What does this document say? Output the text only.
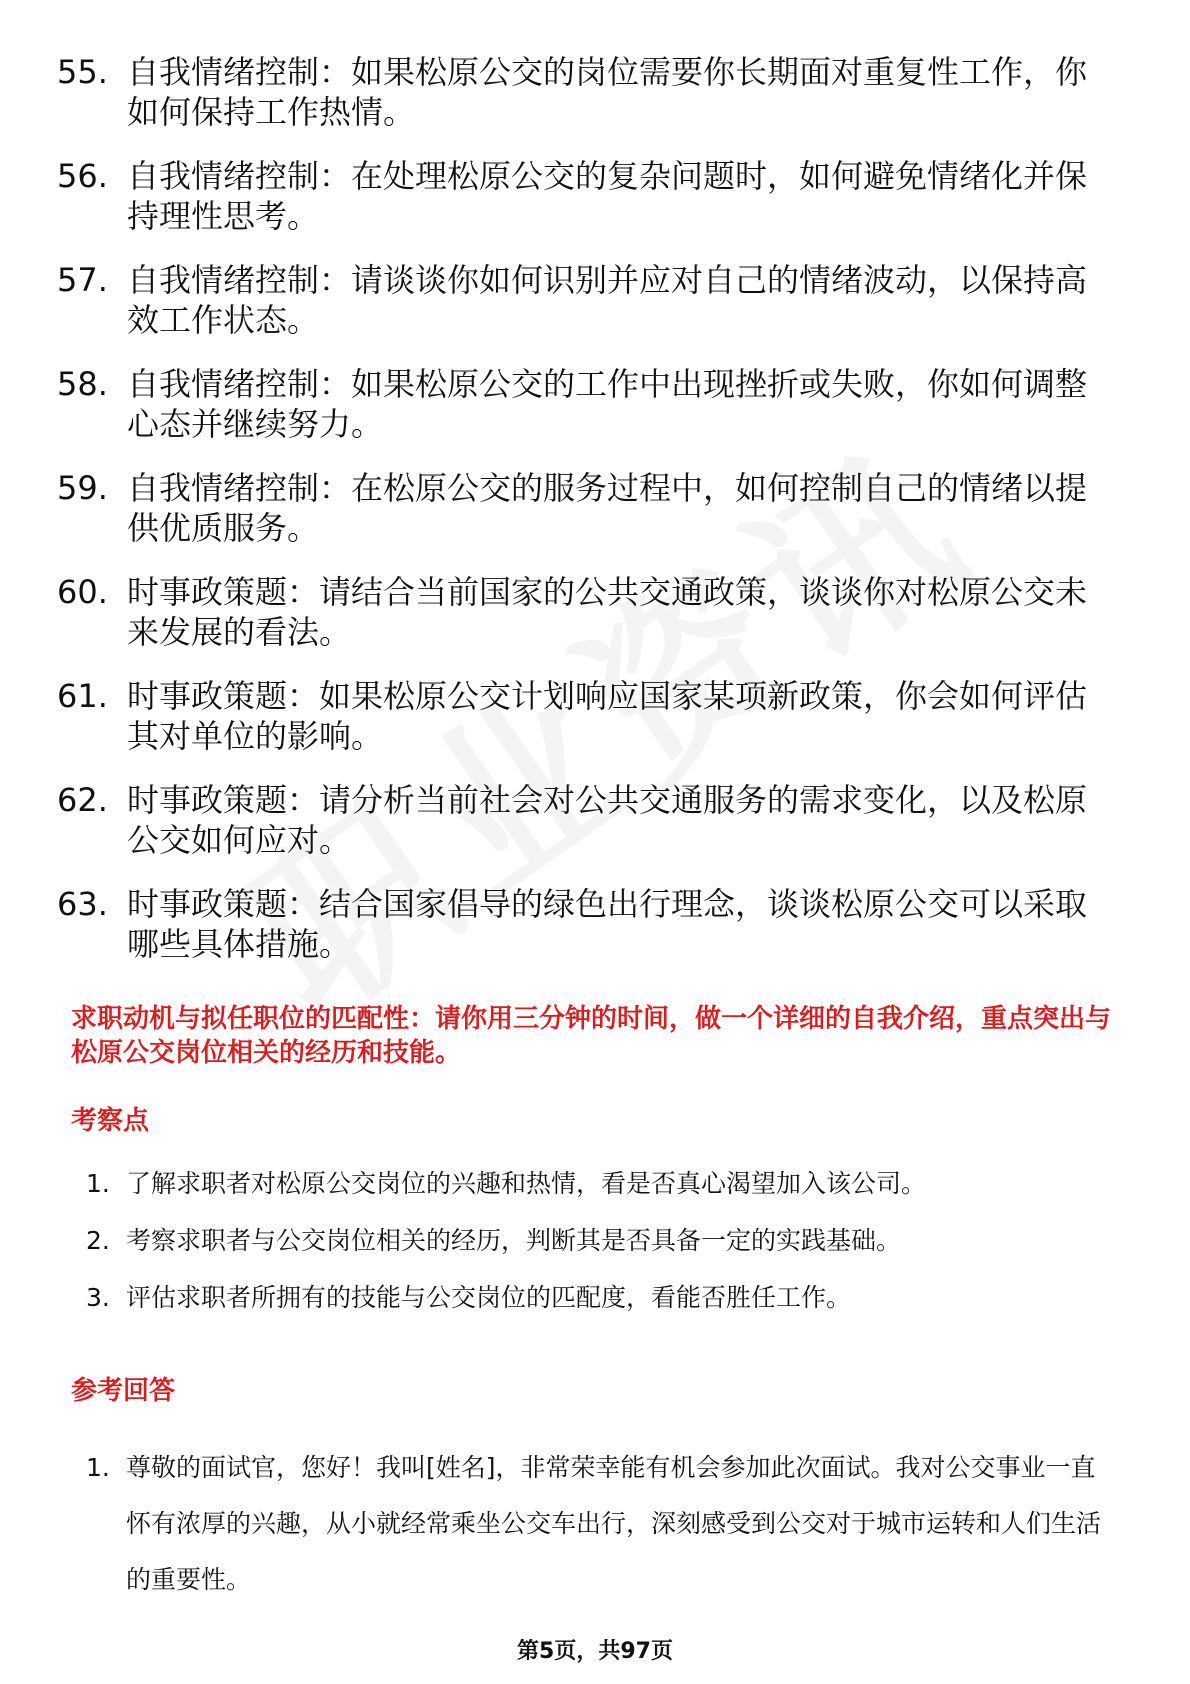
55. 自我情绪控制：如果松原公交的岗位需要你长期面对重复性工作，你如何保持工作热情。
56. 自我情绪控制：在处理松原公交的复杂问题时，如何避免情绪化并保持理性思考。
57. 自我情绪控制：请谈谈你如何识别并应对自己的情绪波动，以保持高效工作状态。
58. 自我情绪控制：如果松原公交的工作中出现挫折或失败，你如何调整心态并继续努力。
59. 自我情绪控制：在松原公交的服务过程中，如何控制自己的情绪以提供优质服务。
60. 时事政策题：请结合当前国家的公共交通政策，谈谈你对松原公交未来发展的看法。
61. 时事政策题：如果松原公交计划响应国家某项新政策，你会如何评估其对单位的影响。
62. 时事政策题：请分析当前社会对公共交通服务的需求变化，以及松原公交如何应对。
63. 时事政策题：结合国家倡导的绿色出行理念，谈谈松原公交可以采取哪些具体措施。
求职动机与拟任职位的匹配性：请你用三分钟的时间，做一个详细的自我介绍，重点突出与松原公交岗位相关的经历和技能。
考察点
1. 了解求职者对松原公交岗位的兴趣和热情，看是否真心渴望加入该公司。
2. 考察求职者与公交岗位相关的经历，判断其是否具备一定的实践基础。
3. 评估求职者所拥有的技能与公交岗位的匹配度，看能否胜任工作。
参考回答
1. 尊敬的面试官，您好！我叫[姓名]，非常荣幸能有机会参加此次面试。我对公交事业一直怀有浓厚的兴趣，从小就经常乘坐公交车出行，深刻感受到公交对于城市运转和人们生活的重要性。
第5页，共97页
